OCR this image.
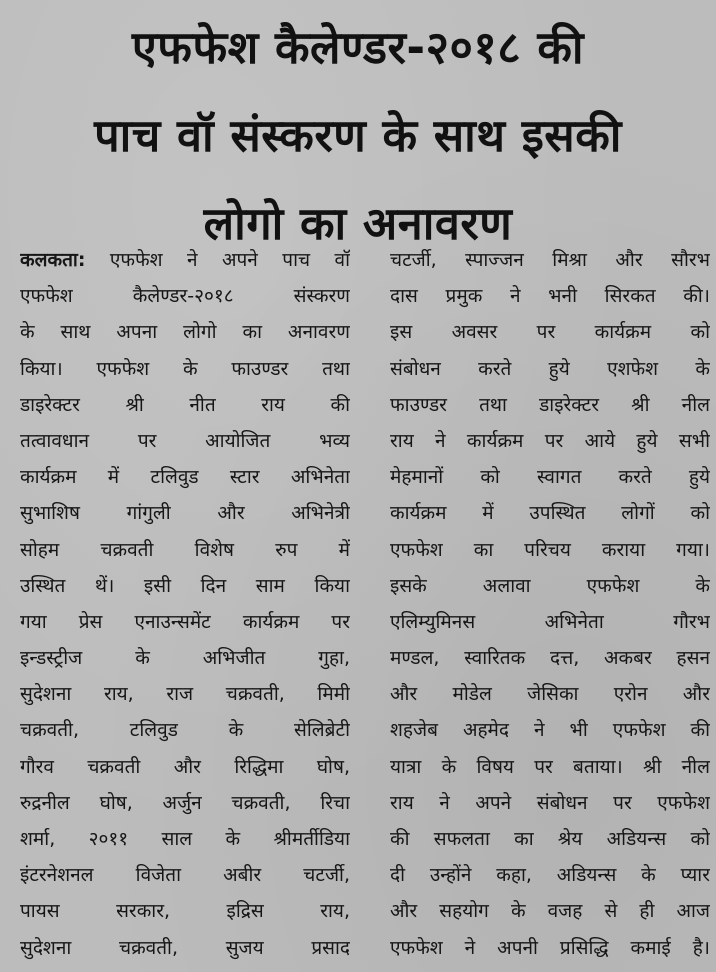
एफफेश कैलेण्डर-२०१८ की
पाच वॉ संस्करण के साथ इसकी
लोगो का अनावरण
कलकता: एफफेश ने अपने पाच वॉ
एफफेश कैलेण्डर-२०१८ संस्करण
के साथ अपना लोगो का अनावरण
किया। एफफेश के फाउण्डर तथा
डाइरेक्टर श्री नीत राय की
तत्वावधान पर आयोजित भव्य
कार्यक्रम में टलिवुड स्टार अभिनेता
सुभाशिष गांगुली और अभिनेत्री
सोहम चक्रवती विशेष रुप में
उस्थित थें। इसी दिन साम किया
गया प्रेस एनाउन्समेंट कार्यक्रम पर
इन्डस्ट्रीज के अभिजीत गुहा,
सुदेशना राय, राज चक्रवती, मिमी
चक्रवती, टलिवुड के सेलिब्रेटी
गौरव चक्रवती और रिद्धिमा घोष,
रुद्रनील घोष, अर्जुन चक्रवती, रिचा
शर्मा, २०११ साल के श्रीमर्तीडिया
इंटरनेशनल विजेता अबीर चटर्जी,
पायस सरकार, इद्रिस राय,
सुदेशना चक्रवती, सुजय प्रसाद
चटर्जी, स्पाज्जन मिश्रा और सौरभ
दास प्रमुक ने भनी सिरकत की।
इस अवसर पर कार्यक्रम को
संबोधन करते हुये एशफेश के
फाउण्डर तथा डाइरेक्टर श्री नील
राय ने कार्यक्रम पर आये हुये सभी
मेहमानों को स्वागत करते हुये
कार्यक्रम में उपस्थित लोगों को
एफफेश का परिचय कराया गया।
इसके अलावा एफफेश के
एलिम्युमिनस अभिनेता गौरभ
मण्डल, स्वारितक दत्त, अकबर हसन
और मोडेल जेसिका एरोन और
शहजेब अहमेद ने भी एफफेश की
यात्रा के विषय पर बताया। श्री नील
राय ने अपने संबोधन पर एफफेश
की सफलता का श्रेय अडियन्स को
दी उन्होंने कहा, अडियन्स के प्यार
और सहयोग के वजह से ही आज
एफफेश ने अपनी प्रसिद्धि कमाई है।
